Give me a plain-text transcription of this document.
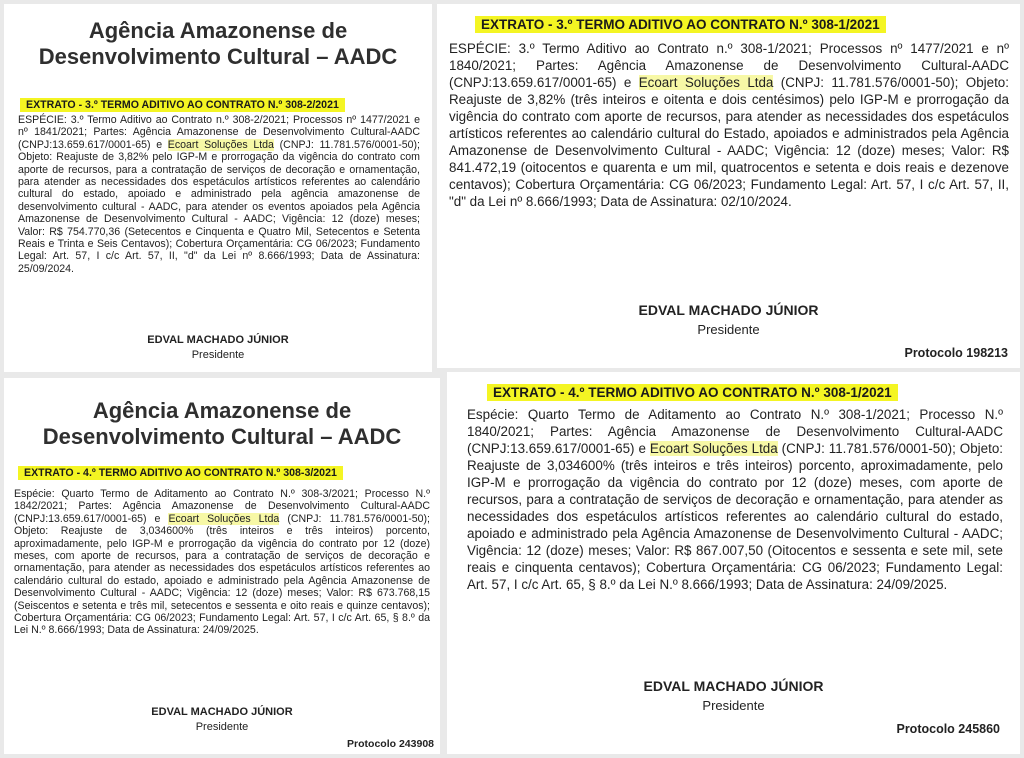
Agência Amazonense de
Desenvolvimento Cultural – AADC
EXTRATO - 3.º TERMO ADITIVO AO CONTRATO N.º 308-2/2021

ESPÉCIE: 3.º Termo Aditivo ao Contrato n.º 308-2/2021; Processos nº 1477/2021 e nº 1841/2021; Partes: Agência Amazonense de Desenvolvimento Cultural-AADC (CNPJ:13.659.617/0001-65) e Ecoart Soluções Ltda (CNPJ: 11.781.576/0001-50); Objeto: Reajuste de 3,82% pelo IGP-M e prorrogação da vigência do contrato com aporte de recursos, para a contratação de serviços de decoração e ornamentação, para atender as necessidades dos espetáculos artísticos referentes ao calendário cultural do estado, apoiado e administrado pela agência amazonense de desenvolvimento cultural - AADC, para atender os eventos apoiados pela Agência Amazonense de Desenvolvimento Cultural - AADC; Vigência: 12 (doze) meses; Valor: R$ 754.770,36 (Setecentos e Cinquenta e Quatro Mil, Setecentos e Setenta Reais e Trinta e Seis Centavos); Cobertura Orçamentária: CG 06/2023; Fundamento Legal: Art. 57, I c/c Art. 57, II, "d" da Lei nº 8.666/1993; Data de Assinatura: 25/09/2024.

EDVAL MACHADO JÚNIOR
Presidente
EXTRATO - 3.º TERMO ADITIVO AO CONTRATO N.º 308-1/2021

ESPÉCIE: 3.º Termo Aditivo ao Contrato n.º 308-1/2021; Processos nº 1477/2021 e nº 1840/2021; Partes: Agência Amazonense de Desenvolvimento Cultural-AADC (CNPJ:13.659.617/0001-65) e Ecoart Soluções Ltda (CNPJ: 11.781.576/0001-50); Objeto: Reajuste de 3,82% (três inteiros e oitenta e dois centésimos) pelo IGP-M e prorrogação da vigência do contrato com aporte de recursos, para atender as necessidades dos espetáculos artísticos referentes ao calendário cultural do Estado, apoiados e administrados pela Agência Amazonense de Desenvolvimento Cultural - AADC; Vigência: 12 (doze) meses; Valor: R$ 841.472,19 (oitocentos e quarenta e um mil, quatrocentos e setenta e dois reais e dezenove centavos); Cobertura Orçamentária: CG 06/2023; Fundamento Legal: Art. 57, I c/c Art. 57, II, "d" da Lei nº 8.666/1993; Data de Assinatura: 02/10/2024.

EDVAL MACHADO JÚNIOR
Presidente
Protocolo 198213
Agência Amazonense de
Desenvolvimento Cultural – AADC
EXTRATO - 4.º TERMO ADITIVO AO CONTRATO N.º 308-3/2021

Espécie: Quarto Termo de Aditamento ao Contrato N.º 308-3/2021; Processo N.º 1842/2021; Partes: Agência Amazonense de Desenvolvimento Cultural-AADC (CNPJ:13.659.617/0001-65) e Ecoart Soluções Ltda (CNPJ: 11.781.576/0001-50); Objeto: Reajuste de 3,034600% (três inteiros e três inteiros) porcento, aproximadamente, pelo IGP-M e prorrogação da vigência do contrato por 12 (doze) meses, com aporte de recursos, para a contratação de serviços de decoração e ornamentação, para atender as necessidades dos espetáculos artísticos referentes ao calendário cultural do estado, apoiado e administrado pela Agência Amazonense de Desenvolvimento Cultural - AADC; Vigência: 12 (doze) meses; Valor: R$ 673.768,15 (Seiscentos e setenta e três mil, setecentos e sessenta e oito reais e quinze centavos); Cobertura Orçamentária: CG 06/2023; Fundamento Legal: Art. 57, I c/c Art. 65, § 8.º da Lei N.º 8.666/1993; Data de Assinatura: 24/09/2025.

EDVAL MACHADO JÚNIOR
Presidente
Protocolo 243908
EXTRATO - 4.º TERMO ADITIVO AO CONTRATO N.º 308-1/2021

Espécie: Quarto Termo de Aditamento ao Contrato N.º 308-1/2021; Processo N.º 1840/2021; Partes: Agência Amazonense de Desenvolvimento Cultural-AADC (CNPJ:13.659.617/0001-65) e Ecoart Soluções Ltda (CNPJ: 11.781.576/0001-50); Objeto: Reajuste de 3,034600% (três inteiros e três inteiros) porcento, aproximadamente, pelo IGP-M e prorrogação da vigência do contrato por 12 (doze) meses, com aporte de recursos, para a contratação de serviços de decoração e ornamentação, para atender as necessidades dos espetáculos artísticos referentes ao calendário cultural do estado, apoiado e administrado pela Agência Amazonense de Desenvolvimento Cultural - AADC; Vigência: 12 (doze) meses; Valor: R$ 867.007,50 (Oitocentos e sessenta e sete mil, sete reais e cinquenta centavos); Cobertura Orçamentária: CG 06/2023; Fundamento Legal: Art. 57, I c/c Art. 65, § 8.º da Lei N.º 8.666/1993; Data de Assinatura: 24/09/2025.

EDVAL MACHADO JÚNIOR
Presidente
Protocolo 245860
